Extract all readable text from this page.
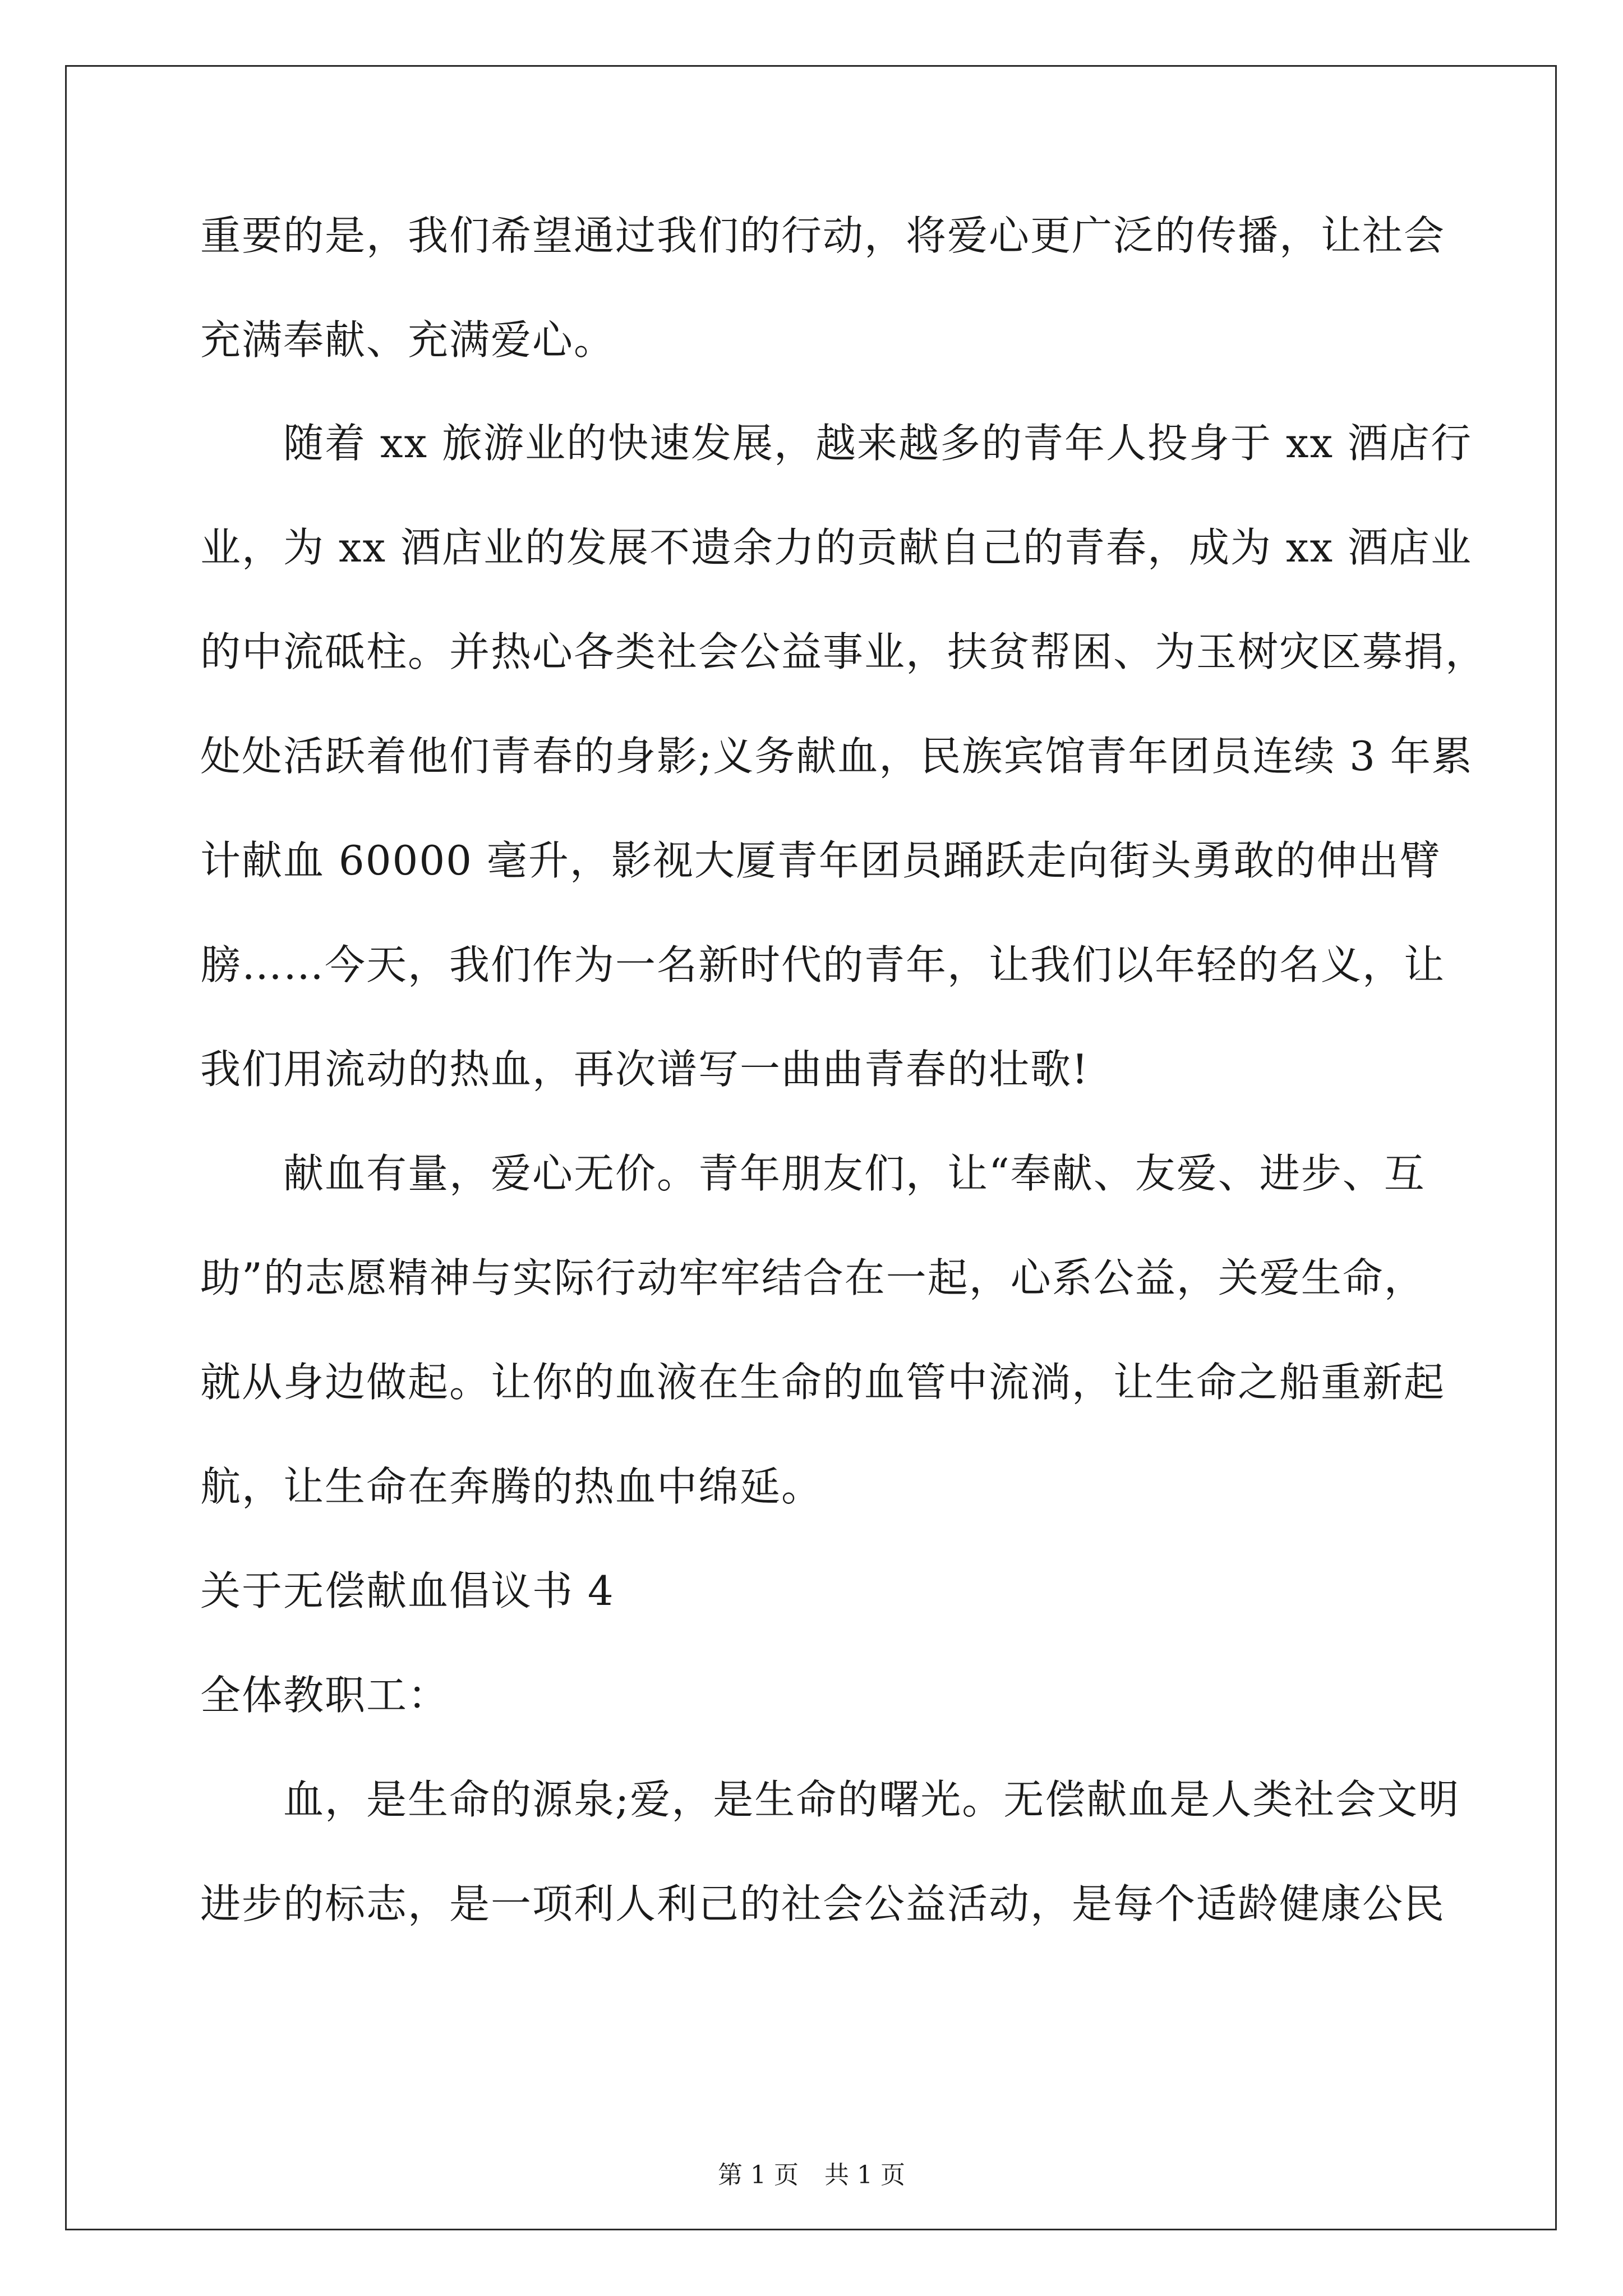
重要的是，我们希望通过我们的行动，将爱心更广泛的传播，让社会
充满奉献、充满爱心。
随着 xx 旅游业的快速发展，越来越多的青年人投身于 xx 酒店行
业，为 xx 酒店业的发展不遗余力的贡献自己的青春，成为 xx 酒店业
的中流砥柱。并热心各类社会公益事业，扶贫帮困、为玉树灾区募捐，
处处活跃着他们青春的身影;义务献血，民族宾馆青年团员连续 3 年累
计献血 60000 毫升，影视大厦青年团员踊跃走向街头勇敢的伸出臂
膀……今天，我们作为一名新时代的青年，让我们以年轻的名义，让
我们用流动的热血，再次谱写一曲曲青春的壮歌!
献血有量，爱心无价。青年朋友们，让“奉献、友爱、进步、互
助”的志愿精神与实际行动牢牢结合在一起，心系公益，关爱生命，
就从身边做起。让你的血液在生命的血管中流淌，让生命之船重新起
航，让生命在奔腾的热血中绵延。
关于无偿献血倡议书 4
全体教职工：
血，是生命的源泉;爱，是生命的曙光。无偿献血是人类社会文明
进步的标志，是一项利人利己的社会公益活动，是每个适龄健康公民
第 1 页 共 1 页
